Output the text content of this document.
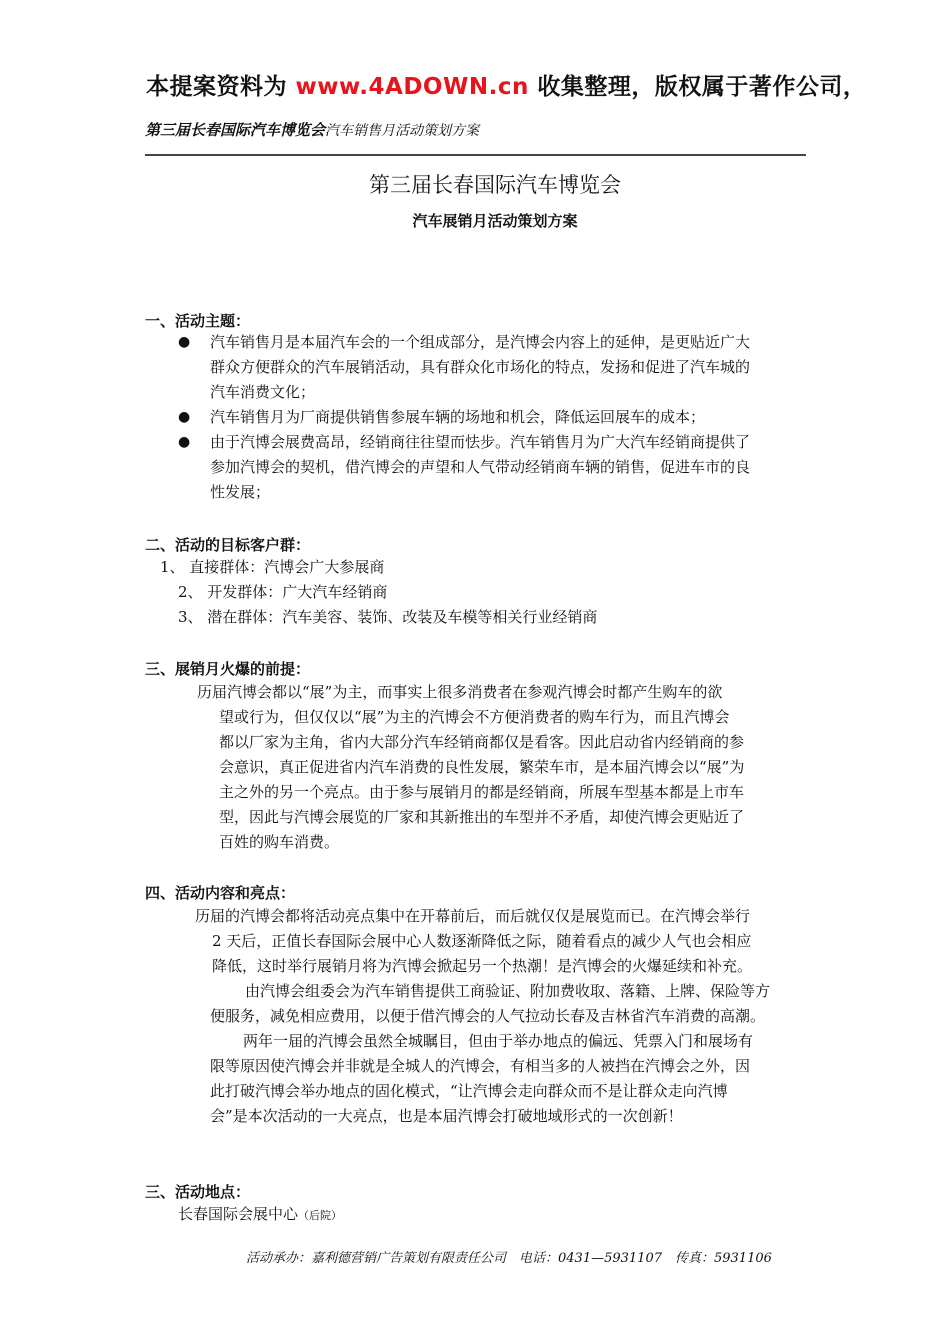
本提案资料为 www.4ADOWN.cn 收集整理，版权属于著作公司，
第三届长春国际汽车博览会汽车销售月活动策划方案
第三届长春国际汽车博览会
汽车展销月活动策划方案
一、活动主题：
● 汽车销售月是本届汽车会的一个组成部分，是汽博会内容上的延伸，是更贴近广大
群众方便群众的汽车展销活动，具有群众化市场化的特点，发扬和促进了汽车城的
汽车消费文化；
● 汽车销售月为厂商提供销售参展车辆的场地和机会，降低运回展车的成本；
● 由于汽博会展费高昂，经销商往往望而怯步。汽车销售月为广大汽车经销商提供了
参加汽博会的契机，借汽博会的声望和人气带动经销商车辆的销售，促进车市的良
性发展；
二、活动的目标客户群：
1、 直接群体：汽博会广大参展商
2、 开发群体：广大汽车经销商
3、 潜在群体：汽车美容、装饰、改装及车模等相关行业经销商
三、展销月火爆的前提：
历届汽博会都以“展”为主，而事实上很多消费者在参观汽博会时都产生购车的欲
望或行为，但仅仅以“展”为主的汽博会不方便消费者的购车行为，而且汽博会
都以厂家为主角，省内大部分汽车经销商都仅是看客。因此启动省内经销商的参
会意识，真正促进省内汽车消费的良性发展，繁荣车市，是本届汽博会以“展”为
主之外的另一个亮点。由于参与展销月的都是经销商，所展车型基本都是上市车
型，因此与汽博会展览的厂家和其新推出的车型并不矛盾，却使汽博会更贴近了
百姓的购车消费。
四、活动内容和亮点：
历届的汽博会都将活动亮点集中在开幕前后，而后就仅仅是展览而已。在汽博会举行
2 天后，正值长春国际会展中心人数逐渐降低之际，随着看点的减少人气也会相应
降低，这时举行展销月将为汽博会掀起另一个热潮！是汽博会的火爆延续和补充。
由汽博会组委会为汽车销售提供工商验证、附加费收取、落籍、上牌、保险等方
便服务，减免相应费用，以便于借汽博会的人气拉动长春及吉林省汽车消费的高潮。
两年一届的汽博会虽然全城瞩目，但由于举办地点的偏远、凭票入门和展场有
限等原因使汽博会并非就是全城人的汽博会，有相当多的人被挡在汽博会之外，因
此打破汽博会举办地点的固化模式，“让汽博会走向群众而不是让群众走向汽博
会”是本次活动的一大亮点，也是本届汽博会打破地域形式的一次创新！
三、活动地点：
长春国际会展中心（后院）
活动承办：嘉利德营销广告策划有限责任公司　电话：0431—5931107　传真：5931106
